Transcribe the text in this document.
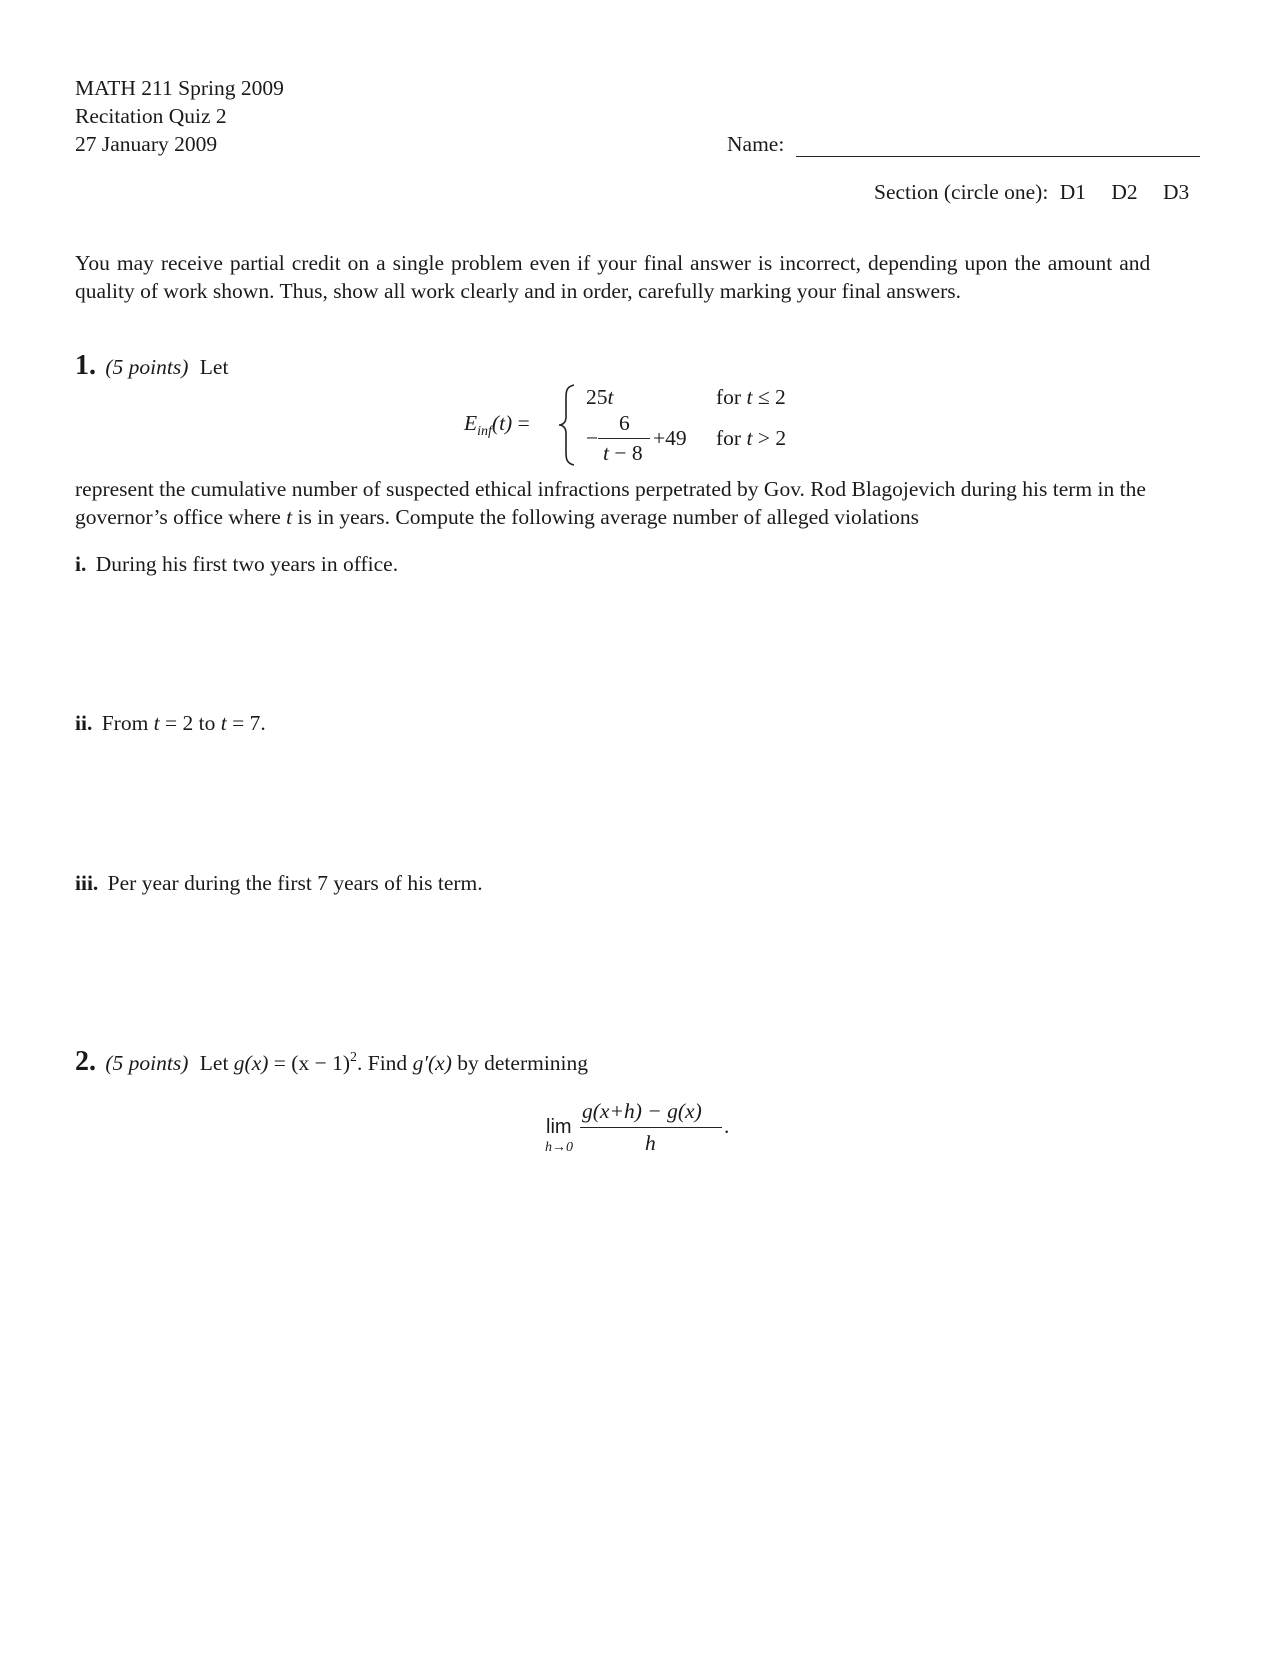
MATH 211 Spring 2009
Recitation Quiz 2
27 January 2009	Name:
Section (circle one): D1 D2 D3
You may receive partial credit on a single problem even if your final answer is incorrect, depending upon the amount and
quality of work shown. Thus, show all work clearly and in order, carefully marking your final answers.
1. (5 points) Let
$E_{inf}(t)$ =
25t	for t ≤ 2
−
6
t − 8
+49 for t > 2
represent the cumulative number of suspected ethical infractions perpetrated by Gov. Rod Blagojevich during his term in the
governor’s office where t is in years. Compute the following average number of alleged violations
i. During his first two years in office.
ii. From t = 2 to t = 7.
iii. Per year during the first 7 years of his term.
2. (5 points) Let $g(x) = (x - 1)^2$. Find g′(x) by determining
lim
h→0
g(x+h) − g(x)
h
.
